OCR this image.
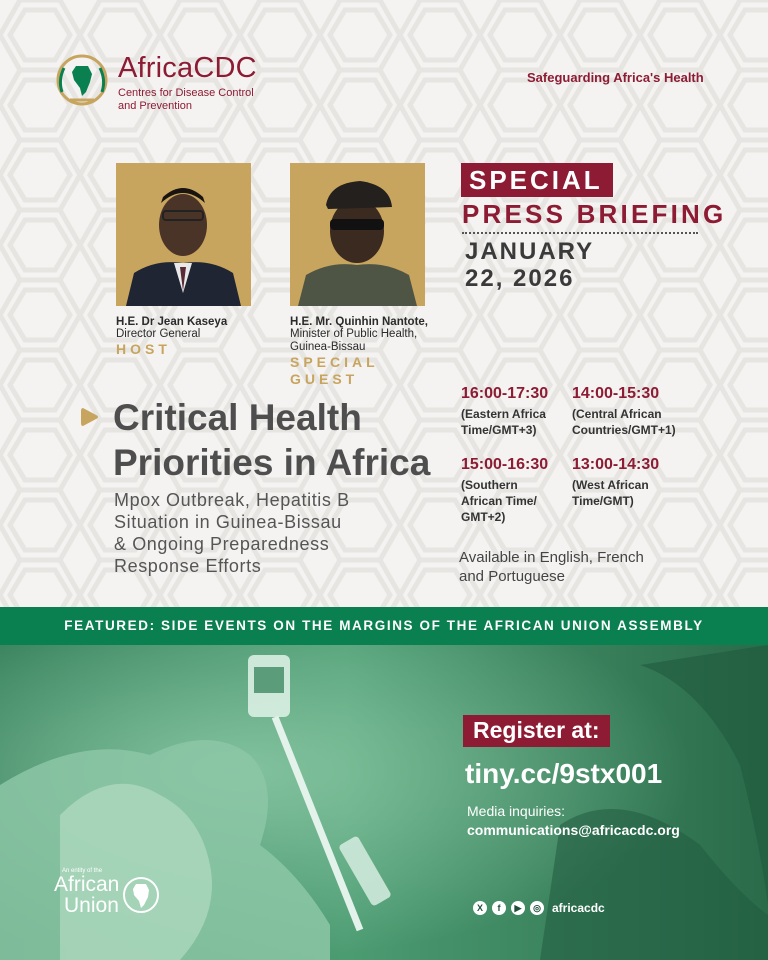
AfricaCDC
Centres for Disease Control and Prevention
Safeguarding Africa's Health
H.E. Dr Jean Kaseya
Director General
HOST
H.E. Mr. Quinhin Nantote,
Minister of Public Health,
Guinea-Bissau
SPECIAL
GUEST
SPECIAL
PRESS BRIEFING
JANUARY
22, 2026
Critical Health
Priorities in Africa
Mpox Outbreak, Hepatitis B
Situation in Guinea-Bissau
& Ongoing Preparedness
Response Efforts
16:00-17:30
(Eastern Africa
Time/GMT+3)
14:00-15:30
(Central African
Countries/GMT+1)
15:00-16:30
(Southern
African Time/
GMT+2)
13:00-14:30
(West African
Time/GMT)
Available in English, French
and Portuguese
FEATURED: SIDE EVENTS ON THE MARGINS OF THE AFRICAN UNION ASSEMBLY
Register at:
tiny.cc/9stx001
Media inquiries:
communications@africacdc.org
X	f	▶	◎ africacdc
An entity of the
African
Union
